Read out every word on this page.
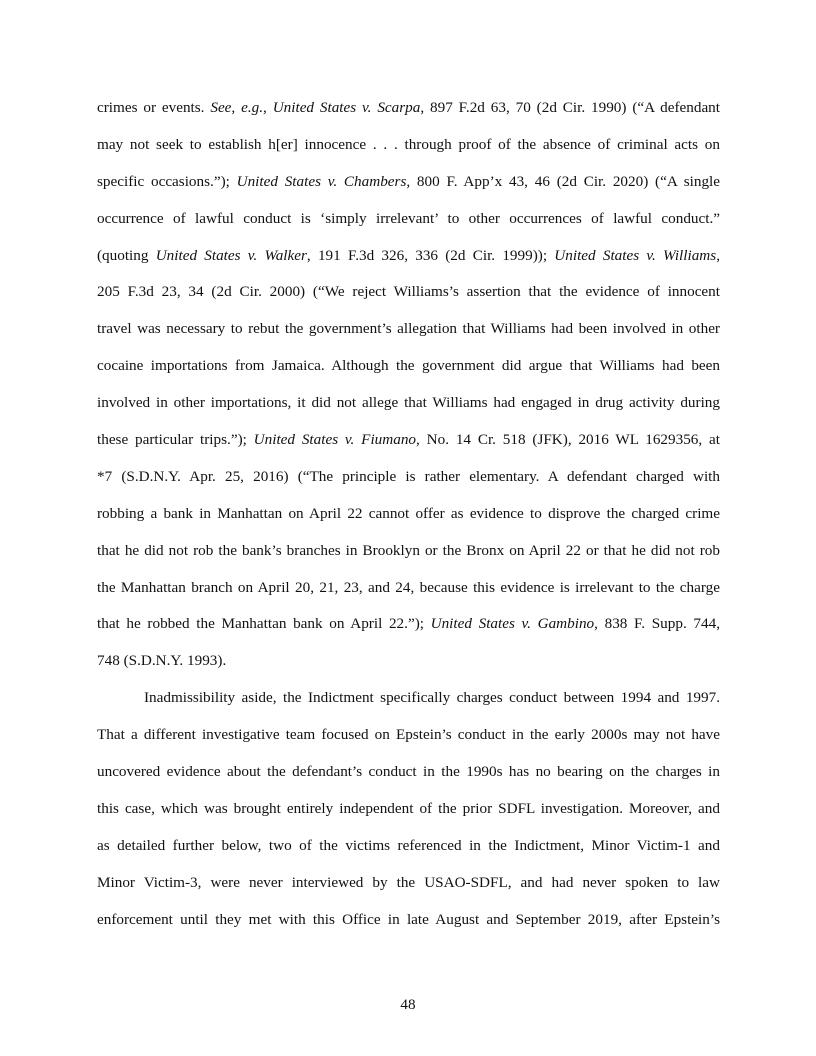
crimes or events. See, e.g., United States v. Scarpa, 897 F.2d 63, 70 (2d Cir. 1990) (“A defendant
may not seek to establish h[er] innocence . . . through proof of the absence of criminal acts on
specific occasions.”); United States v. Chambers, 800 F. App’x 43, 46 (2d Cir. 2020) (“A single
occurrence of lawful conduct is ‘simply irrelevant’ to other occurrences of lawful conduct.”
(quoting United States v. Walker, 191 F.3d 326, 336 (2d Cir. 1999)); United States v. Williams,
205 F.3d 23, 34 (2d Cir. 2000) (“We reject Williams’s assertion that the evidence of innocent
travel was necessary to rebut the government’s allegation that Williams had been involved in other
cocaine importations from Jamaica. Although the government did argue that Williams had been
involved in other importations, it did not allege that Williams had engaged in drug activity during
these particular trips.”); United States v. Fiumano, No. 14 Cr. 518 (JFK), 2016 WL 1629356, at
*7 (S.D.N.Y. Apr. 25, 2016) (“The principle is rather elementary. A defendant charged with
robbing a bank in Manhattan on April 22 cannot offer as evidence to disprove the charged crime
that he did not rob the bank’s branches in Brooklyn or the Bronx on April 22 or that he did not rob
the Manhattan branch on April 20, 21, 23, and 24, because this evidence is irrelevant to the charge
that he robbed the Manhattan bank on April 22.”); United States v. Gambino, 838 F. Supp. 744,
748 (S.D.N.Y. 1993).
Inadmissibility aside, the Indictment specifically charges conduct between 1994 and 1997.
That a different investigative team focused on Epstein’s conduct in the early 2000s may not have
uncovered evidence about the defendant’s conduct in the 1990s has no bearing on the charges in
this case, which was brought entirely independent of the prior SDFL investigation. Moreover, and
as detailed further below, two of the victims referenced in the Indictment, Minor Victim-1 and
Minor Victim-3, were never interviewed by the USAO-SDFL, and had never spoken to law
enforcement until they met with this Office in late August and September 2019, after Epstein’s
48
